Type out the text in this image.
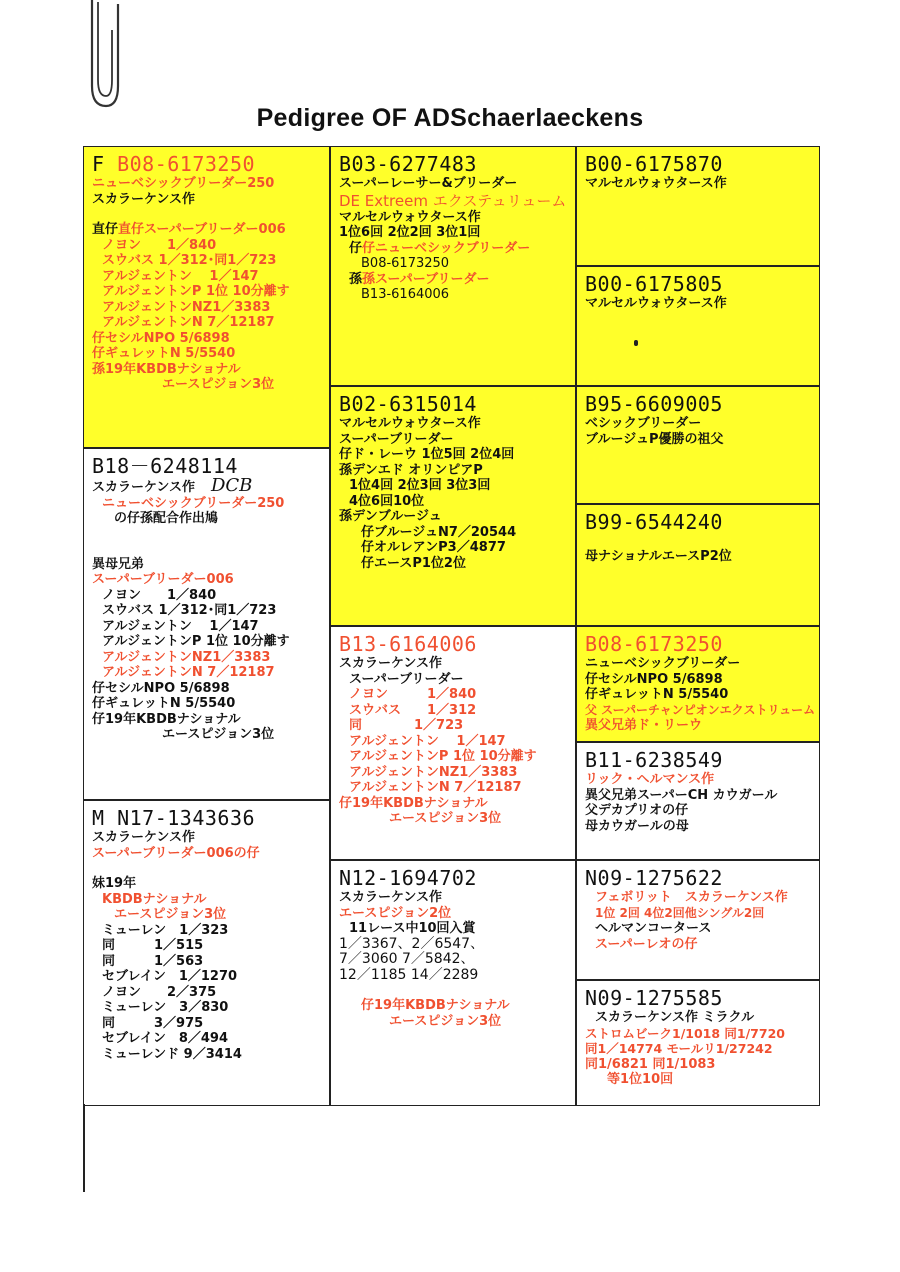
Pedigree OF ADSchaerlaeckens
F B08-6173250
ニューベシックブリーダー250
スカラーケンス作
直仔直仔スーパーブリーダー006
ノヨン　　1／840
スウバス 1／312･同1／723
アルジェントン　 1／147
アルジェントンP 1位 10分離す
アルジェントンNZ1／3383
アルジェントンN 7／12187
仔セシルNPO 5/6898
仔ギュレットN 5/5540
孫19年KBDBナショナル
エースピジョン3位
B18－6248114
スカラーケンス作 DCB
ニューベシックブリーダー250
の仔孫配合作出鳩
異母兄弟
スーパーブリーダー006
ノヨン　　1／840
スウバス 1／312･同1／723
アルジェントン　 1／147
アルジェントンP 1位 10分離す
アルジェントンNZ1／3383
アルジェントンN 7／12187
仔セシルNPO 5/6898
仔ギュレットN 5/5540
仔19年KBDBナショナル
エースピジョン3位
M N17-1343636
スカラーケンス作
スーパーブリーダー006の仔
妹19年
KBDBナショナル
エースピジョン3位
ミューレン　1／323
同　　　1／515
同　　　1／563
セブレイン　1／1270
ノヨン　　2／375
ミューレン　3／830
同　　　3／975
セブレイン　8／494
ミューレンド 9／3414
B03-6277483
スーパーレーサー&ブリーダー
DE Extreem エクステュリューム
マルセルウォウタース作
1位6回 2位2回 3位1回
仔仔ニューベシックブリーダー
B08-6173250
孫孫スーパーブリーダー
B13-6164006
B02-6315014
マルセルウォウタース作
スーパーブリーダー
仔ド・レーウ 1位5回 2位4回
孫デンエド オリンピアP
1位4回 2位3回 3位3回
4位6回10位
孫デンブルージュ
仔ブルージュN7／20544
仔オルレアンP3／4877
仔エースP1位2位
B13-6164006
スカラーケンス作
スーパーブリーダー
ノヨン　　　1／840
スウバス　　1／312
同　　　　1／723
アルジェントン　 1／147
アルジェントンP 1位 10分離す
アルジェントンNZ1／3383
アルジェントンN 7／12187
仔19年KBDBナショナル
エースピジョン3位
N12-1694702
スカラーケンス作
エースピジョン2位
11レース中10回入賞
1／3367、2／6547、
7／3060 7／5842、
12／1185 14／2289
仔19年KBDBナショナル
エースピジョン3位
B00-6175870
マルセルウォウタース作
B00-6175805
マルセルウォウタース作
B95-6609005
ベシックブリーダー
ブルージュP優勝の祖父
B99-6544240
母ナショナルエースP2位
B08-6173250
ニューベシックブリーダー
仔セシルNPO 5/6898
仔ギュレットN 5/5540
父 スーパーチャンピオンエクストリューム
異父兄弟ド・リーウ
B11-6238549
リック・ヘルマンス作
異父兄弟スーパーCH カウガール
父デカプリオの仔
母カウガールの母
N09-1275622
フェボリット　スカラーケンス作
1位 2回 4位2回他シングル2回
ヘルマンコータース
スーパーレオの仔
N09-1275585
スカラーケンス作 ミラクル
ストロムビーク1/1018 同1/7720
同1／14774 モールリ1/27242
同1/6821 同1/1083
等1位10回
